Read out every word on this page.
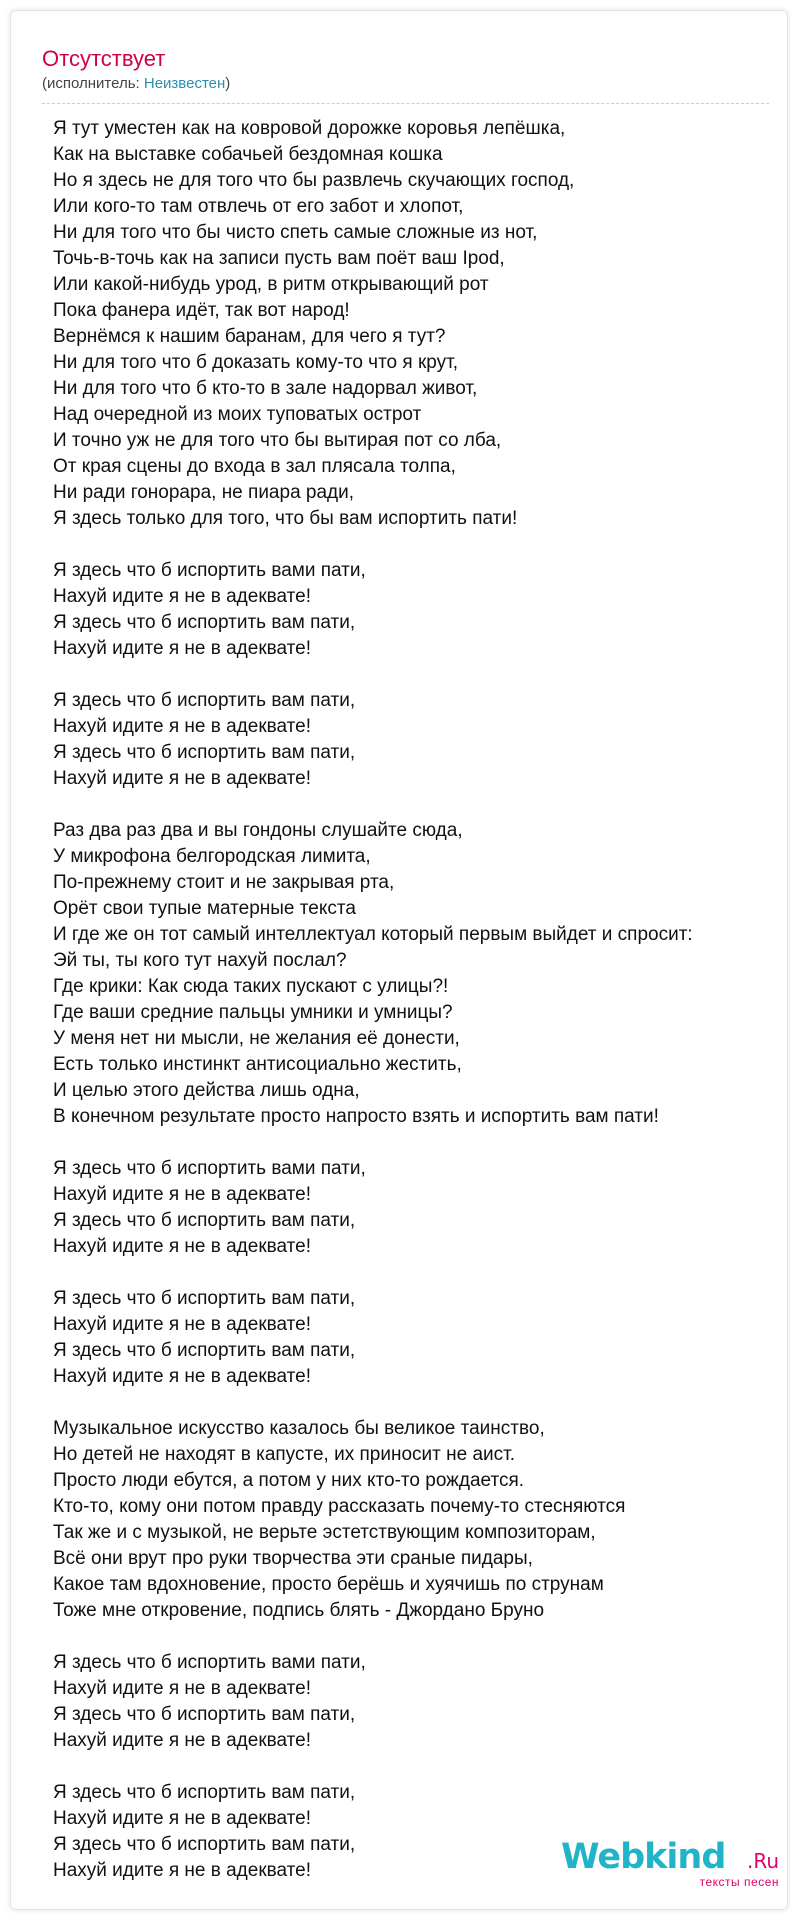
Отсутствует
(исполнитель: Неизвестен)
Я тут уместен как на ковровой дорожке коровья лепёшка,
Как на выставке собачьей бездомная кошка
Но я здесь не для того что бы развлечь скучающих господ,
Или кого-то там отвлечь от его забот и хлопот,
Ни для того что бы чисто спеть самые сложные из нот,
Точь-в-точь как на записи пусть вам поёт ваш Ipod,
Или какой-нибудь урод, в ритм открывающий рот
Пока фанера идёт, так вот народ!
Вернёмся к нашим баранам, для чего я тут?
Ни для того что б доказать кому-то что я крут,
Ни для того что б кто-то в зале надорвал живот,
Над очередной из моих туповатых острот
И точно уж не для того что бы вытирая пот со лба,
От края сцены до входа в зал плясала толпа,
Ни ради гонорара, не пиара ради,
Я здесь только для того, что бы вам испортить пати!
Я здесь что б испортить вами пати,
Нахуй идите я не в адеквате!
Я здесь что б испортить вам пати,
Нахуй идите я не в адеквате!
Я здесь что б испортить вам пати,
Нахуй идите я не в адеквате!
Я здесь что б испортить вам пати,
Нахуй идите я не в адеквате!
Раз два раз два и вы гондоны слушайте сюда,
У микрофона белгородская лимита,
По-прежнему стоит и не закрывая рта,
Орёт свои тупые матерные текста
И где же он тот самый интеллектуал который первым выйдет и спросит:
Эй ты, ты кого тут нахуй послал?
Где крики: Как сюда таких пускают с улицы?!
Где ваши средние пальцы умники и умницы?
У меня нет ни мысли, не желания её донести,
Есть только инстинкт антисоциально жестить,
И целью этого действа лишь одна,
В конечном результате просто напросто взять и испортить вам пати!
Я здесь что б испортить вами пати,
Нахуй идите я не в адеквате!
Я здесь что б испортить вам пати,
Нахуй идите я не в адеквате!
Я здесь что б испортить вам пати,
Нахуй идите я не в адеквате!
Я здесь что б испортить вам пати,
Нахуй идите я не в адеквате!
Музыкальное искусство казалось бы великое таинство,
Но детей не находят в капусте, их приносит не аист.
Просто люди ебутся, а потом у них кто-то рождается.
Кто-то, кому они потом правду рассказать почему-то стесняются
Так же и с музыкой, не верьте эстетствующим композиторам,
Всё они врут про руки творчества эти сраные пидары,
Какое там вдохновение, просто берёшь и хуячишь по струнам
Тоже мне откровение, подпись блять - Джордано Бруно
Я здесь что б испортить вами пати,
Нахуй идите я не в адеквате!
Я здесь что б испортить вам пати,
Нахуй идите я не в адеквате!
Я здесь что б испортить вам пати,
Нахуй идите я не в адеквате!
Я здесь что б испортить вам пати,
Нахуй идите я не в адеквате!	Webkind .Ru
тексты песен
